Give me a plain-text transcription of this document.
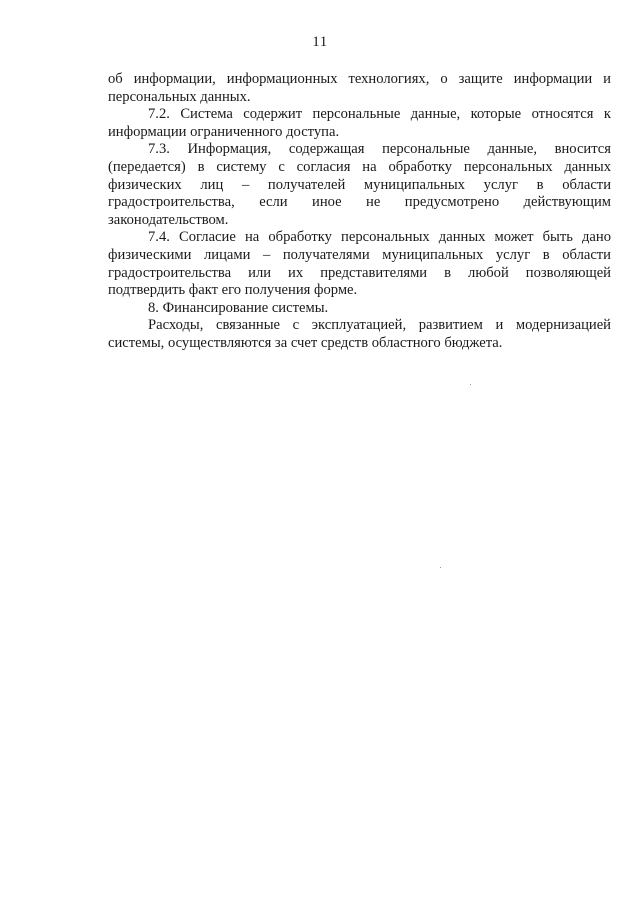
11

об информации, информационных технологиях, о защите информации и персональных данных.

7.2. Система содержит персональные данные, которые относятся к информации ограниченного доступа.

7.3. Информация, содержащая персональные данные, вносится (передается) в систему с согласия на обработку персональных данных физических лиц – получателей муниципальных услуг в области градостроительства, если иное не предусмотрено действующим законодательством.

7.4. Согласие на обработку персональных данных может быть дано физическими лицами – получателями муниципальных услуг в области градостроительства или их представителями в любой позволяющей подтвердить факт его получения форме.

8. Финансирование системы.

Расходы, связанные с эксплуатацией, развитием и модернизацией системы, осуществляются за счет средств областного бюджета.
